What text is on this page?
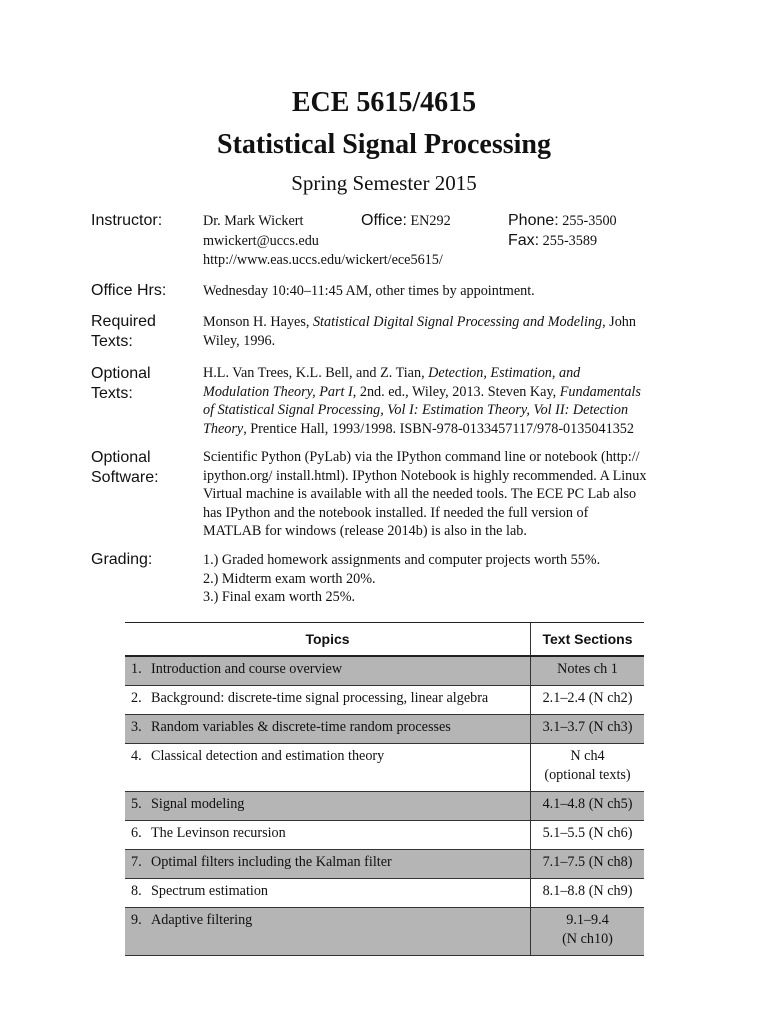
ECE 5615/4615
Statistical Signal Processing
Spring Semester 2015
Instructor:	Dr. Mark Wickert
mwickert@uccs.edu
http://www.eas.uccs.edu/wickert/ece5615/
Office: EN292	Phone: 255-3500
Fax: 255-3589
Office Hrs:	Wednesday 10:40–11:45 AM, other times by appointment.
Required
Texts:
Monson H. Hayes, Statistical Digital Signal Processing and Modeling, John Wiley, 1996.
Optional
Texts:
H.L. Van Trees, K.L. Bell, and Z. Tian, Detection, Estimation, and Modulation Theory, Part I, 2nd. ed., Wiley, 2013. Steven Kay, Fundamentals of Statistical Signal Processing, Vol I: Estimation Theory, Vol II: Detection Theory, Prentice Hall, 1993/1998. ISBN-978-0133457117/978-0135041352
Optional
Software:
Scientific Python (PyLab) via the IPython command line or notebook (http:// ipython.org/ install.html). IPython Notebook is highly recommended. A Linux Virtual machine is available with all the needed tools. The ECE PC Lab also has IPython and the notebook installed. If needed the full version of MATLAB for windows (release 2014b) is also in the lab.
Grading:	1.) Graded homework assignments and computer projects worth 55%.
2.) Midterm exam worth 20%.
3.) Final exam worth 25%.
Topics	Text Sections
1. Introduction and course overview	Notes ch 1

2. Background: discrete-time signal processing, linear algebra	2.1–2.4 (N ch2)

3. Random variables & discrete-time random processes	3.1–3.7 (N ch3)

4. Classical detection and estimation theory	N ch4
(optional texts)

5. Signal modeling	4.1–4.8 (N ch5)

6. The Levinson recursion	5.1–5.5 (N ch6)

7. Optimal filters including the Kalman filter	7.1–7.5 (N ch8)

8. Spectrum estimation	8.1–8.8 (N ch9)

9. Adaptive filtering	9.1–9.4
(N ch10)
